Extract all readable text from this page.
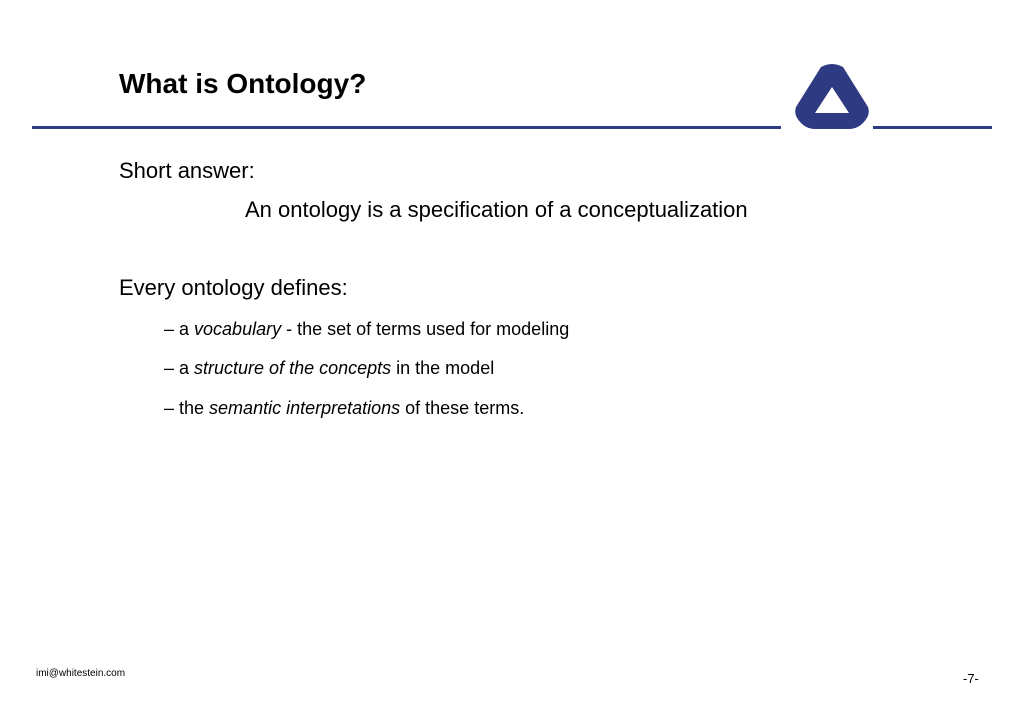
What is Ontology?
Short answer:
An ontology is a specification of a conceptualization
Every ontology defines:
– a vocabulary - the set of terms used for modeling
– a structure of the concepts in the model
– the semantic interpretations of these terms.
imi@whitestein.com	-7-
